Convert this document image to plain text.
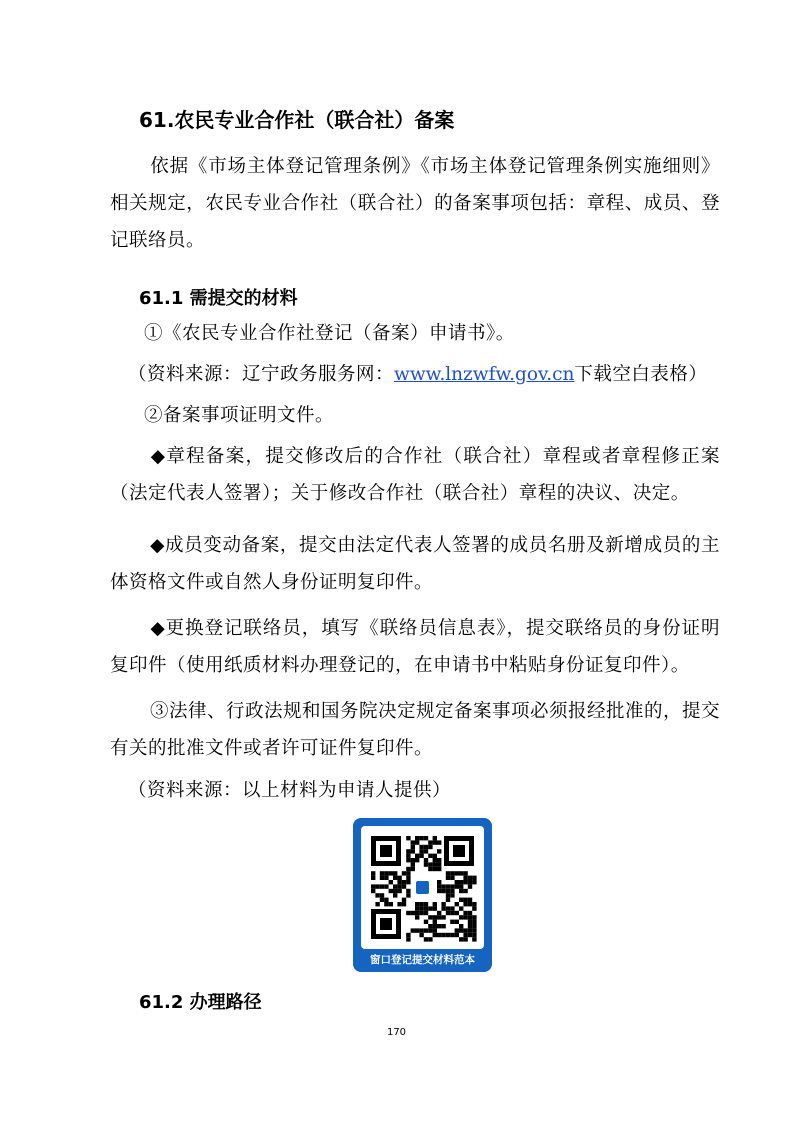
61.农民专业合作社（联合社）备案
依据《市场主体登记管理条例》《市场主体登记管理条例实施细则》相关规定，农民专业合作社（联合社）的备案事项包括：章程、成员、登记联络员。
61.1 需提交的材料
①《农民专业合作社登记（备案）申请书》。
（资料来源：辽宁政务服务网：www.lnzwfw.gov.cn下载空白表格）
②备案事项证明文件。
◆章程备案，提交修改后的合作社（联合社）章程或者章程修正案（法定代表人签署）；关于修改合作社（联合社）章程的决议、决定。
◆成员变动备案，提交由法定代表人签署的成员名册及新增成员的主体资格文件或自然人身份证明复印件。
◆更换登记联络员，填写《联络员信息表》，提交联络员的身份证明复印件（使用纸质材料办理登记的，在申请书中粘贴身份证复印件）。
③法律、行政法规和国务院决定规定备案事项必须报经批准的，提交有关的批准文件或者许可证件复印件。
（资料来源：以上材料为申请人提供）
窗口登记提交材料范本
61.2 办理路径
170
